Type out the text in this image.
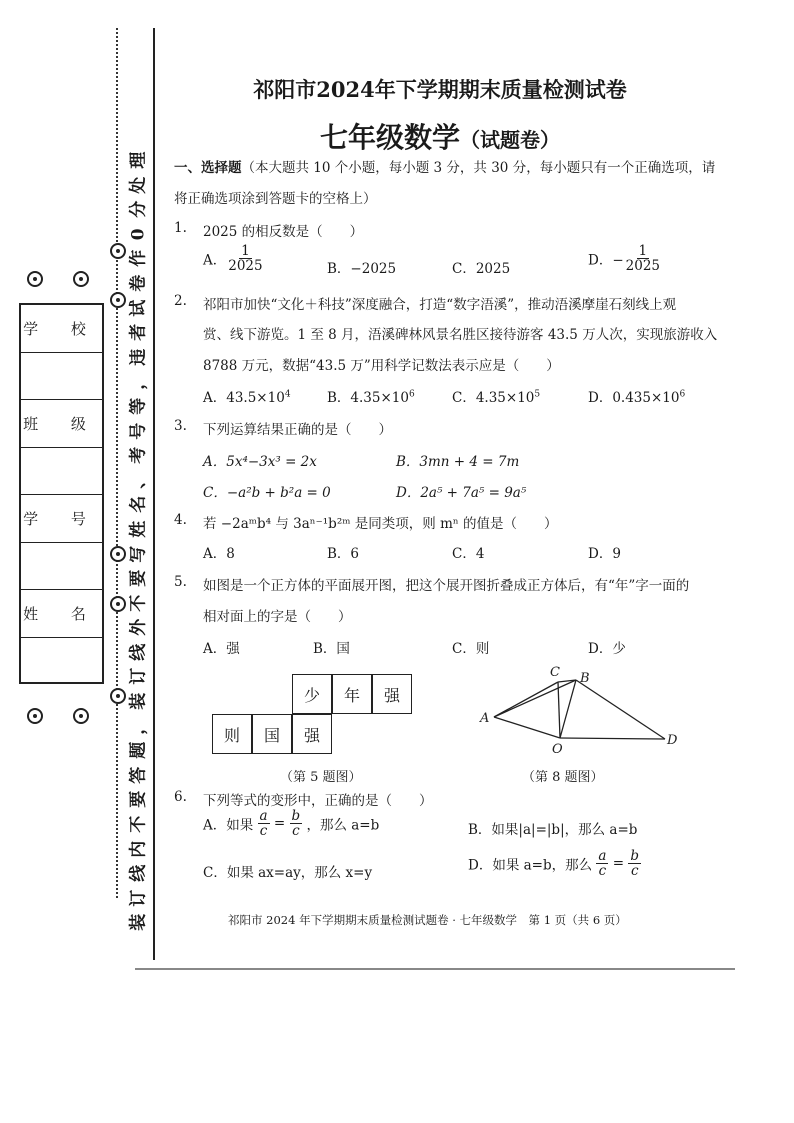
理
处
分
0
作
卷
试
者
违
，
等
号
考
、
名
姓
写
要
不
外
线
订
装
，
题
答
要
不
内
线
订
装
学 校
班 级
学 号
姓 名
祁阳市2024年下学期期末质量检测试卷
七年级数学（试题卷）
一、选择题（本大题共 10 个小题，每小题 3 分，共 30 分，每小题只有一个正确选项，请
将正确选项涂到答题卡的空格上）
1. 2025 的相反数是（　　）
A． $\frac{1}{2025}$	B．−2025	C．2025
D．− $\frac{1}{2025}$
2. 祁阳市加快“文化＋科技”深度融合，打造“数字浯溪”，推动浯溪摩崖石刻线上观
赏、线下游览。1 至 8 月，浯溪碑林风景名胜区接待游客 43.5 万人次，实现旅游收入
8788 万元，数据“43.5 万”用科学记数法表示应是（　　）
A．$43.5\times 10^4$	B．$4.35\times 10^6$	C．$4.35\times 10^5$	D．$0.435\times 10^6$
3. 下列运算结果正确的是（　　）
A．5x⁴−3x³ = 2x	B．3mn + 4 = 7m
C．−a²b + b²a = 0	D．2a⁵ + 7a⁵ = 9a⁵
4. 若 −2aᵐb⁴ 与 3aⁿ⁻¹b²ᵐ 是同类项，则 mⁿ 的值是（　　）
A．8	B．6	C．4	D．9
5. 如图是一个正方体的平面展开图，把这个展开图折叠成正方体后，有“年”字一面的
相对面上的字是（　　）
A．强	B．国	C．则	D．少
少	年	强
则	国	强
（第 5 题图）
C B
A
O
D
（第 8 题图）
6. 下列等式的变形中，正确的是（　　）
A．如果 $\frac{a}{c} = \frac{b}{c}$ ，那么 a=b	B．如果|a|=|b|，那么 a=b
C．如果 ax=ay，那么 x=y	D．如果 a=b，那么 $\frac{a}{c} = \frac{b}{c}$
祁阳市 2024 年下学期期末质量检测试题卷 · 七年级数学　第 1 页（共 6 页）
